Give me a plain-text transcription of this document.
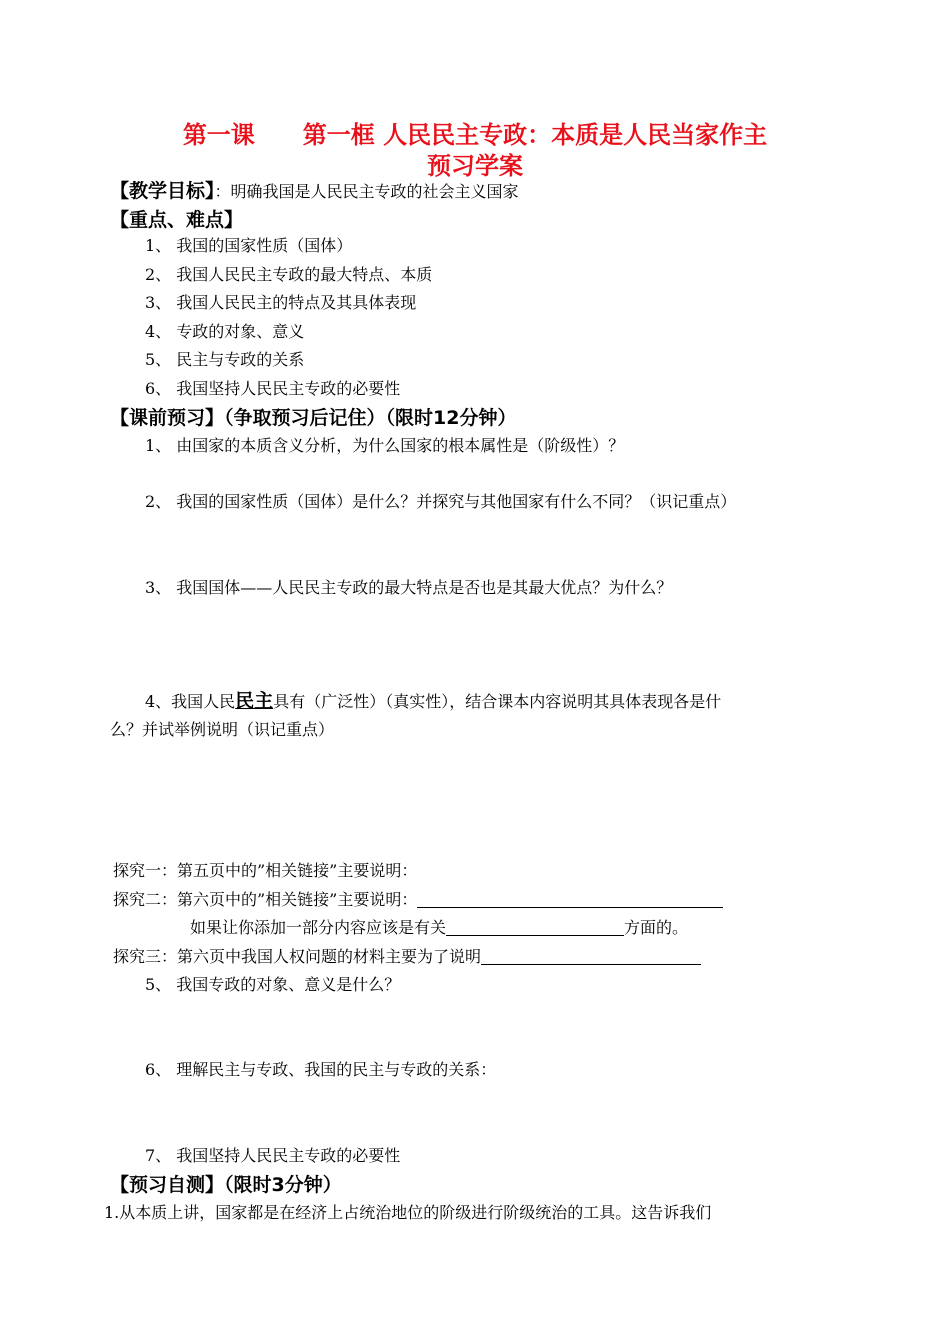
第一课　　第一框 人民民主专政：本质是人民当家作主
预习学案
【教学目标】：明确我国是人民民主专政的社会主义国家
【重点、难点】
1、 我国的国家性质（国体）
2、 我国人民民主专政的最大特点、本质
3、 我国人民民主的特点及其具体表现
4、 专政的对象、意义
5、 民主与专政的关系
6、 我国坚持人民民主专政的必要性
【课前预习】（争取预习后记住）（限时12分钟）
1、 由国家的本质含义分析，为什么国家的根本属性是（阶级性）？
2、 我国的国家性质（国体）是什么？并探究与其他国家有什么不同？（识记重点）
3、 我国国体——人民民主专政的最大特点是否也是其最大优点？为什么？
4、我国人民民主具有（广泛性）（真实性），结合课本内容说明其具体表现各是什
么？并试举例说明（识记重点）
探究一：第五页中的”相关链接”主要说明：
探究二：第六页中的”相关链接”主要说明：
如果让你添加一部分内容应该是有关	方面的。
探究三：第六页中我国人权问题的材料主要为了说明
5、 我国专政的对象、意义是什么？
6、 理解民主与专政、我国的民主与专政的关系：
7、 我国坚持人民民主专政的必要性
【预习自测】（限时3分钟）
1.从本质上讲，国家都是在经济上占统治地位的阶级进行阶级统治的工具。这告诉我们
